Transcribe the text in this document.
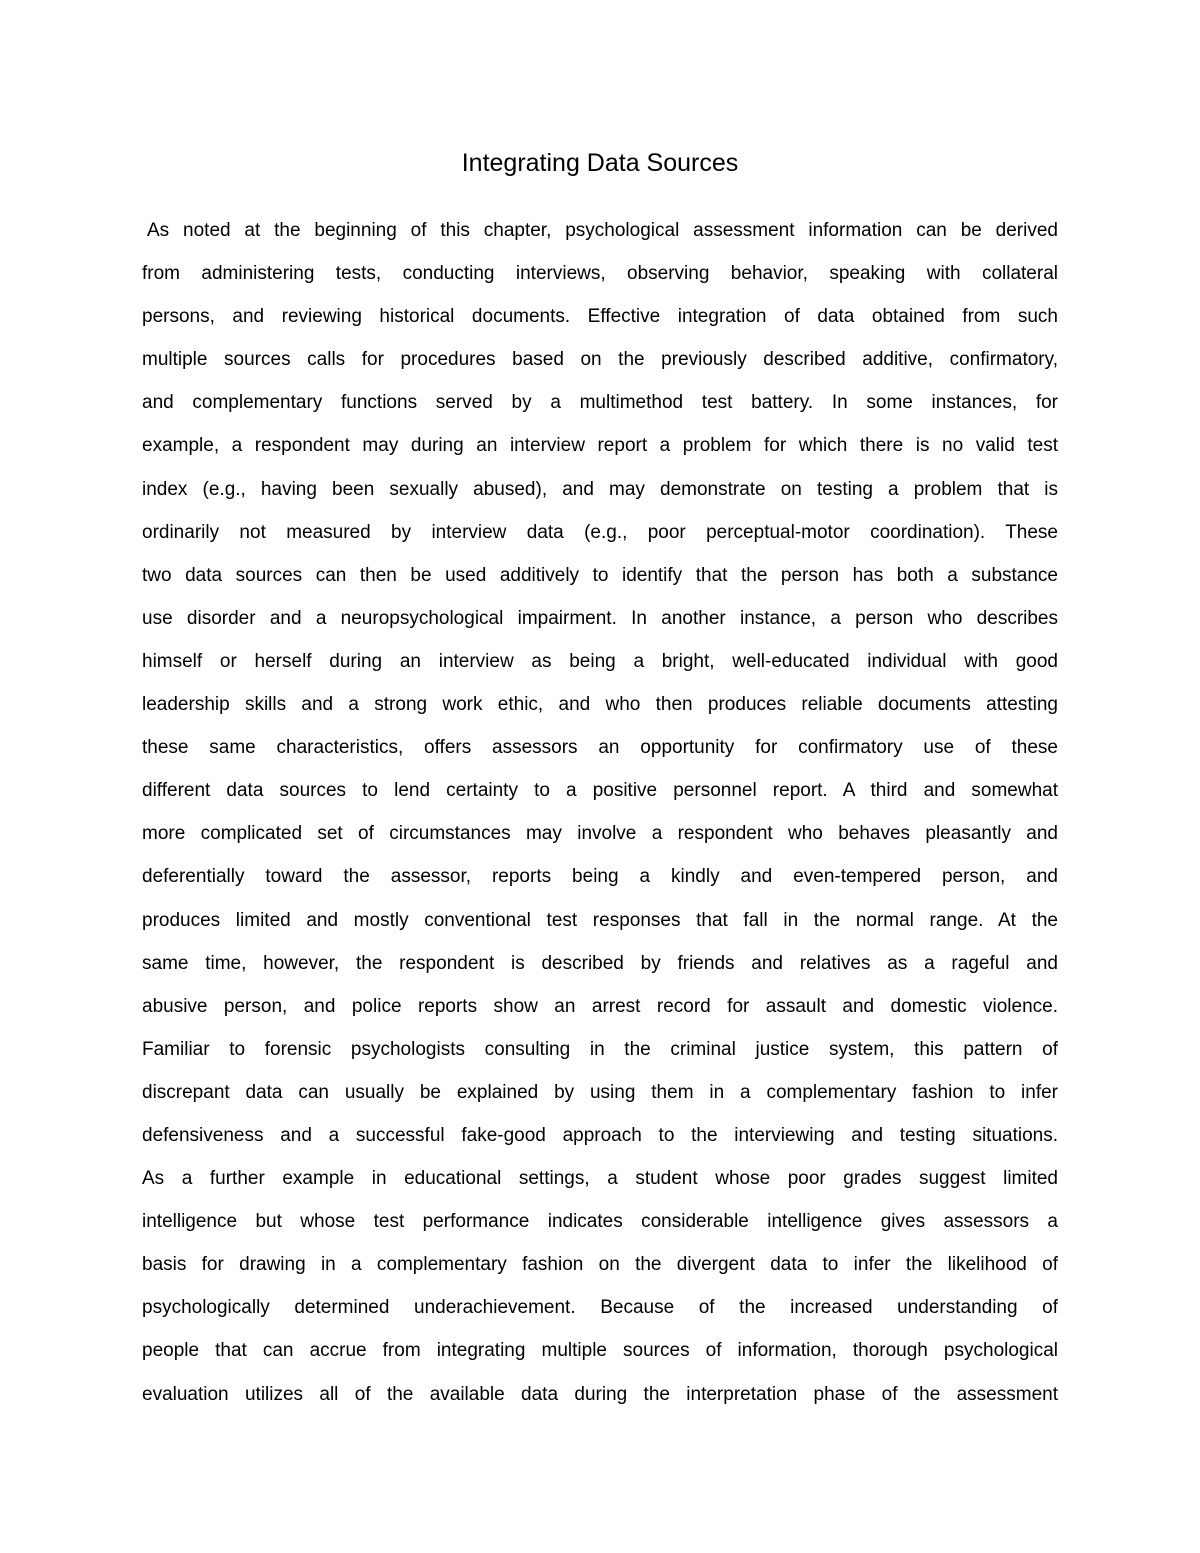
Integrating Data Sources
As noted at the beginning of this chapter, psychological assessment information can be derived
from administering tests, conducting interviews, observing behavior, speaking with collateral
persons, and reviewing historical documents. Effective integration of data obtained from such
multiple sources calls for procedures based on the previously described additive, confirmatory,
and complementary functions served by a multimethod test battery. In some instances, for
example, a respondent may during an interview report a problem for which there is no valid test
index (e.g., having been sexually abused), and may demonstrate on testing a problem that is
ordinarily not measured by interview data (e.g., poor perceptual-motor coordination). These
two data sources can then be used additively to identify that the person has both a substance
use disorder and a neuropsychological impairment. In another instance, a person who describes
himself or herself during an interview as being a bright, well-educated individual with good
leadership skills and a strong work ethic, and who then produces reliable documents attesting
these same characteristics, offers assessors an opportunity for confirmatory use of these
different data sources to lend certainty to a positive personnel report. A third and somewhat
more complicated set of circumstances may involve a respondent who behaves pleasantly and
deferentially toward the assessor, reports being a kindly and even-tempered person, and
produces limited and mostly conventional test responses that fall in the normal range. At the
same time, however, the respondent is described by friends and relatives as a rageful and
abusive person, and police reports show an arrest record for assault and domestic violence.
Familiar to forensic psychologists consulting in the criminal justice system, this pattern of
discrepant data can usually be explained by using them in a complementary fashion to infer
defensiveness and a successful fake-good approach to the interviewing and testing situations.
As a further example in educational settings, a student whose poor grades suggest limited
intelligence but whose test performance indicates considerable intelligence gives assessors a
basis for drawing in a complementary fashion on the divergent data to infer the likelihood of
psychologically determined underachievement. Because of the increased understanding of
people that can accrue from integrating multiple sources of information, thorough psychological
evaluation utilizes all of the available data during the interpretation phase of the assessment
